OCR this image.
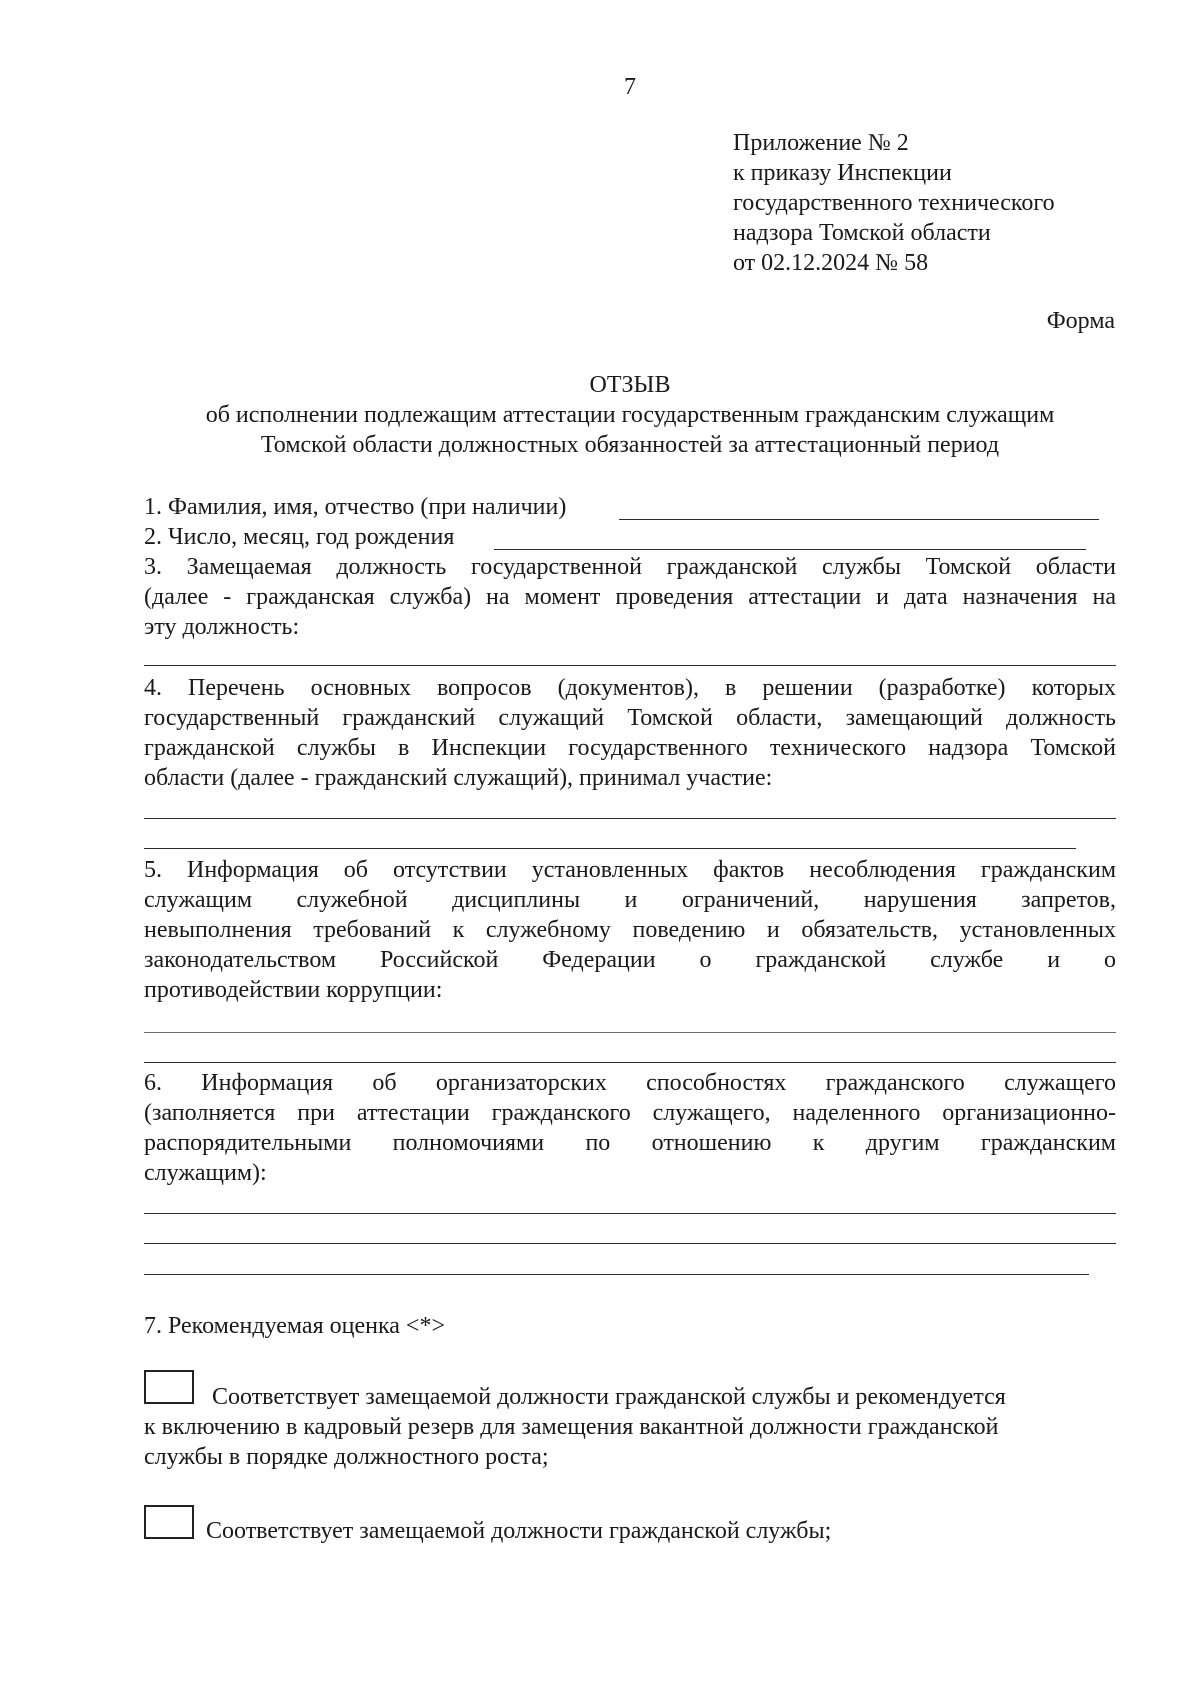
7
Приложение № 2
к приказу Инспекции
государственного технического
надзора Томской области
от 02.12.2024 № 58
Форма
ОТЗЫВ
об исполнении подлежащим аттестации государственным гражданским служащим
Томской области должностных обязанностей за аттестационный период
1. Фамилия, имя, отчество (при наличии)
2. Число, месяц, год рождения
3. Замещаемая должность государственной гражданской службы Томской области
(далее - гражданская служба) на момент проведения аттестации и дата назначения на
эту должность:
4. Перечень основных вопросов (документов), в решении (разработке) которых
государственный гражданский служащий Томской области, замещающий должность
гражданской службы в Инспекции государственного технического надзора Томской
области (далее - гражданский служащий), принимал участие:
5. Информация об отсутствии установленных фактов несоблюдения гражданским
служащим служебной дисциплины и ограничений, нарушения запретов,
невыполнения требований к служебному поведению и обязательств, установленных
законодательством Российской Федерации о гражданской службе и о
противодействии коррупции:
6. Информация об организаторских способностях гражданского служащего
(заполняется при аттестации гражданского служащего, наделенного организационно-
распорядительными полномочиями по отношению к другим гражданским
служащим):
7. Рекомендуемая оценка <*>
Соответствует замещаемой должности гражданской службы и рекомендуется
к включению в кадровый резерв для замещения вакантной должности гражданской
службы в порядке должностного роста;
Соответствует замещаемой должности гражданской службы;
